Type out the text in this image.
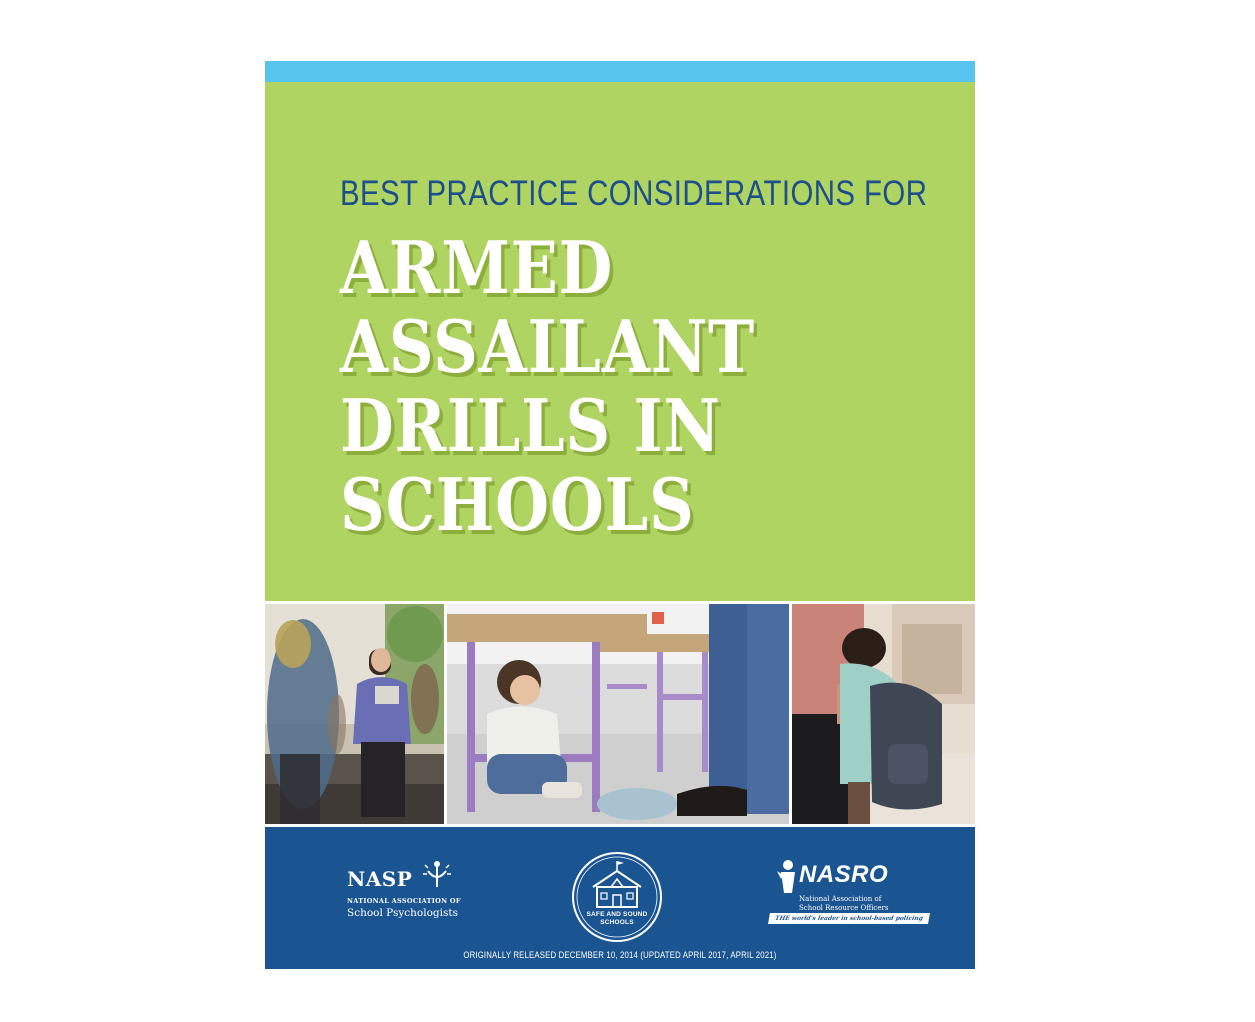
BEST PRACTICE CONSIDERATIONS FOR
ARMED
ASSAILANT
DRILLS IN
SCHOOLS
NASP
NATIONAL ASSOCIATION OF
School Psychologists	SAFE AND SOUND
SCHOOLS
NASRO
National Association of
School Resource Officers
THE world's leader in school-based policing
ORIGINALLY RELEASED DECEMBER 10, 2014 (UPDATED APRIL 2017, APRIL 2021)
